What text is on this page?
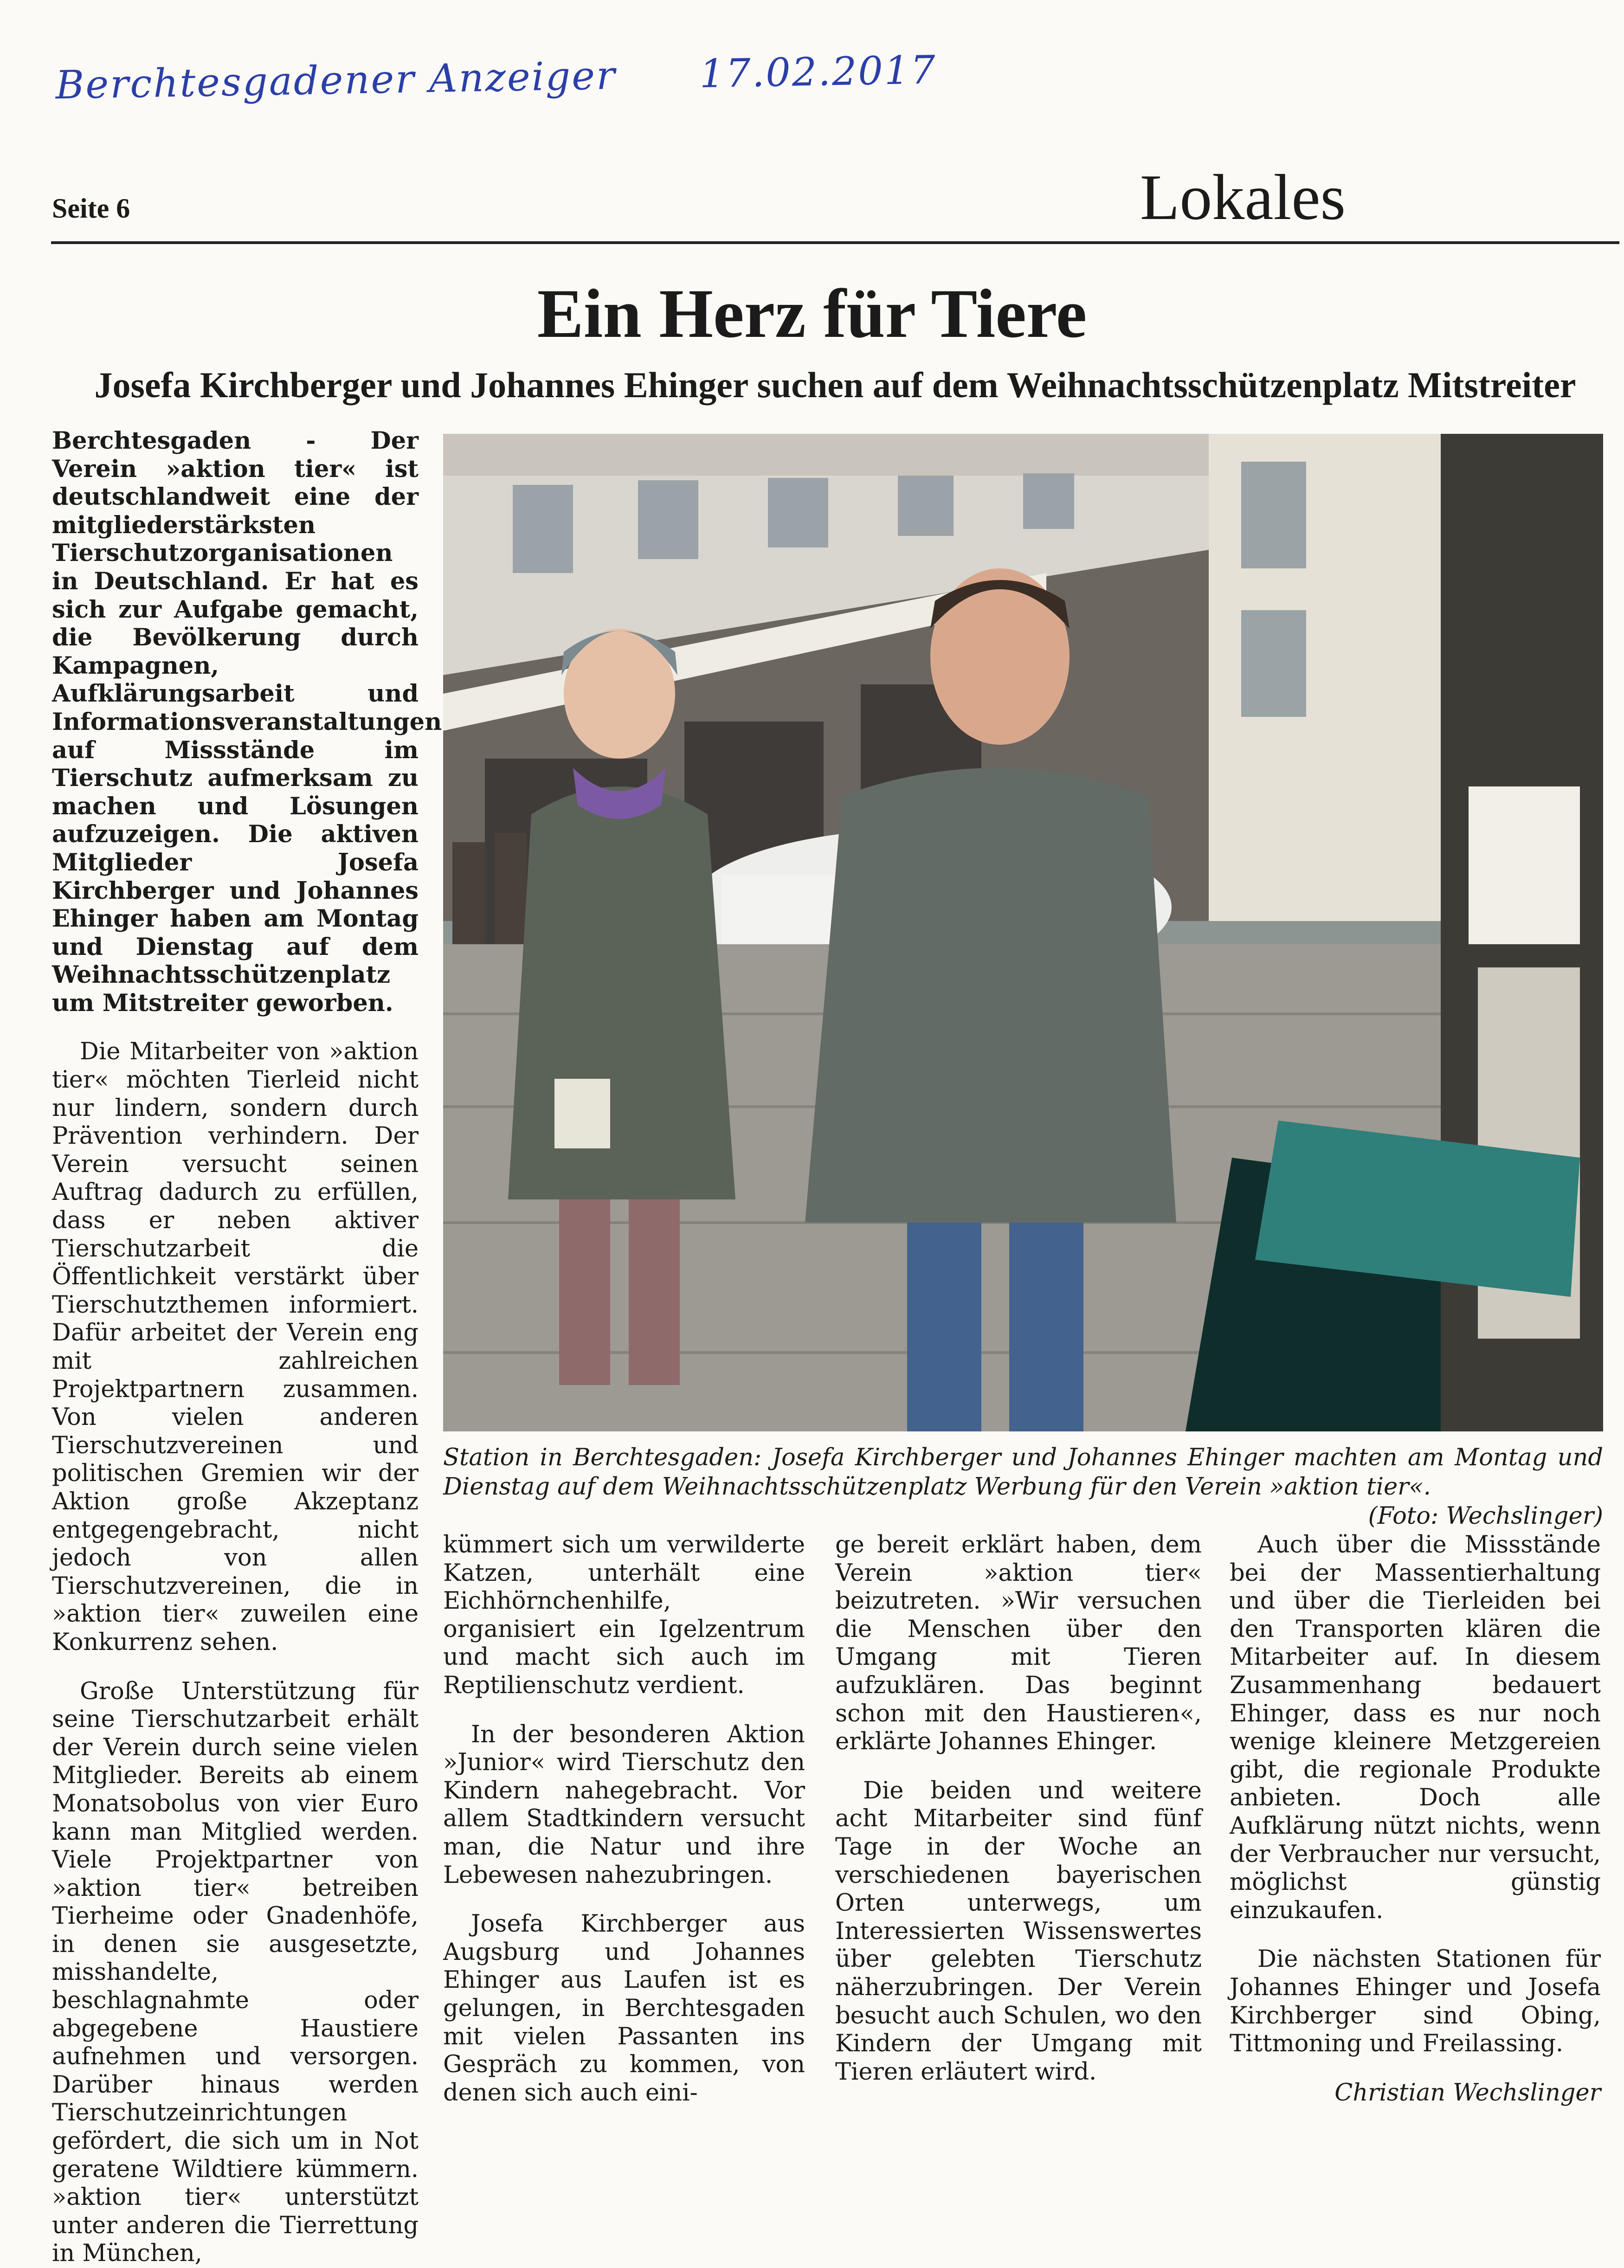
Berchtesgadener Anzeiger 17.02.2017
Seite 6	Lokales
Ein Herz für Tiere
Josefa Kirchberger und Johannes Ehinger suchen auf dem Weihnachtsschützenplatz Mitstreiter

Berchtesgaden - Der Verein »aktion tier« ist deutschlandweit eine der mitgliederstärksten Tierschutzorganisationen in Deutschland. Er hat es sich zur Aufgabe gemacht, die Bevölkerung durch Kampagnen, Aufklärungsarbeit und Informationsveranstaltungen auf Missstände im Tierschutz aufmerksam zu machen und Lösungen aufzuzeigen. Die aktiven Mitglieder Josefa Kirchberger und Johannes Ehinger haben am Montag und Dienstag auf dem Weihnachtsschützenplatz um Mitstreiter geworben.

Die Mitarbeiter von »aktion tier« möchten Tierleid nicht nur lindern, sondern durch Prävention verhindern. Der Verein versucht seinen Auftrag dadurch zu erfüllen, dass er neben aktiver Tierschutzarbeit die Öffentlichkeit verstärkt über Tierschutzthemen informiert. Dafür arbeitet der Verein eng mit zahlreichen Projektpartnern zusammen. Von vielen anderen Tierschutzvereinen und politischen Gremien wir der Aktion große Akzeptanz entgegengebracht, nicht jedoch von allen Tierschutzvereinen, die in »aktion tier« zuweilen eine Konkurrenz sehen.

Große Unterstützung für seine Tierschutzarbeit erhält der Verein durch seine vielen Mitglieder. Bereits ab einem Monatsobolus von vier Euro kann man Mitglied werden. Viele Projektpartner von »aktion tier« betreiben Tierheime oder Gnadenhöfe, in denen sie ausgesetzte, misshandelte, beschlagnahmte oder abgegebene Haustiere aufnehmen und versorgen. Darüber hinaus werden Tierschutzeinrichtungen gefördert, die sich um in Not geratene Wildtiere kümmern. »aktion tier« unterstützt unter anderen die Tierrettung in München,

Station in Berchtesgaden: Josefa Kirchberger und Johannes Ehinger machten am Montag und Dienstag auf dem Weihnachtsschützenplatz Werbung für den Verein »aktion tier«.
(Foto: Wechslinger)

kümmert sich um verwilderte Katzen, unterhält eine Eichhörnchenhilfe, organisiert ein Igelzentrum und macht sich auch im Reptilienschutz verdient.

In der besonderen Aktion »Junior« wird Tierschutz den Kindern nahegebracht. Vor allem Stadtkindern versucht man, die Natur und ihre Lebewesen nahezubringen.

Josefa Kirchberger aus Augsburg und Johannes Ehinger aus Laufen ist es gelungen, in Berchtesgaden mit vielen Passanten ins Gespräch zu kommen, von denen sich auch eini-

ge bereit erklärt haben, dem Verein »aktion tier« beizutreten. »Wir versuchen die Menschen über den Umgang mit Tieren aufzuklären. Das beginnt schon mit den Haustieren«, erklärte Johannes Ehinger.

Die beiden und weitere acht Mitarbeiter sind fünf Tage in der Woche an verschiedenen bayerischen Orten unterwegs, um Interessierten Wissenswertes über gelebten Tierschutz näherzubringen. Der Verein besucht auch Schulen, wo den Kindern der Umgang mit Tieren erläutert wird.

Auch über die Missstände bei der Massentierhaltung und über die Tierleiden bei den Transporten klären die Mitarbeiter auf. In diesem Zusammenhang bedauert Ehinger, dass es nur noch wenige kleinere Metzgereien gibt, die regionale Produkte anbieten. Doch alle Aufklärung nützt nichts, wenn der Verbraucher nur versucht, möglichst günstig einzukaufen.

Die nächsten Stationen für Johannes Ehinger und Josefa Kirchberger sind Obing, Tittmoning und Freilassing.

Christian Wechslinger
